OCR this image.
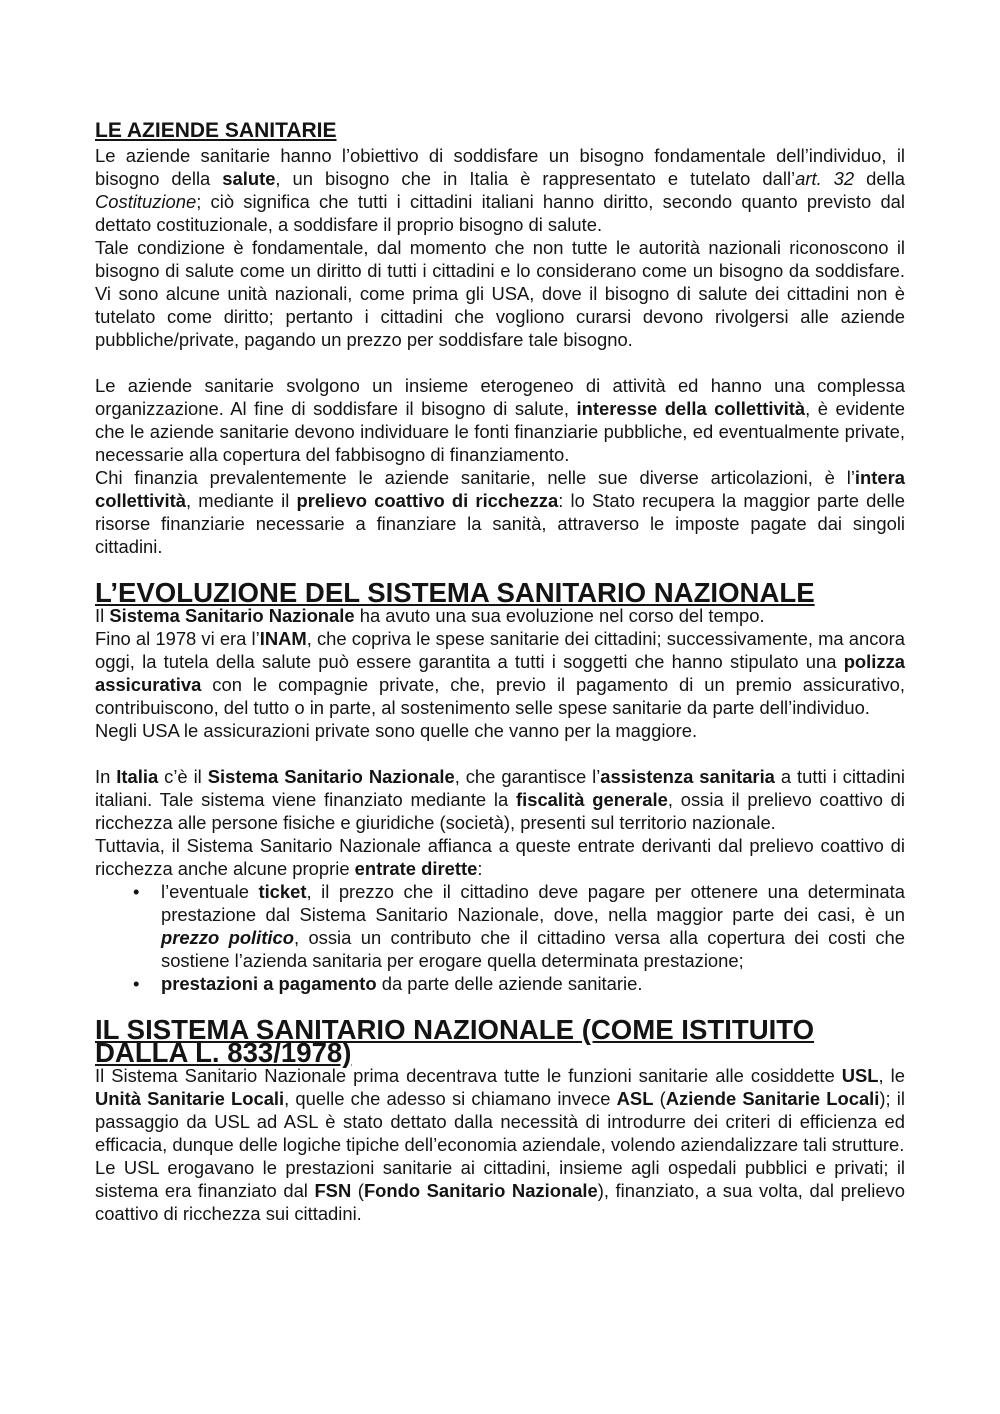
LE AZIENDE SANITARIE

Le aziende sanitarie hanno l’obiettivo di soddisfare un bisogno fondamentale dell’individuo, il bisogno della salute, un bisogno che in Italia è rappresentato e tutelato dall’art. 32 della Costituzione; ciò significa che tutti i cittadini italiani hanno diritto, secondo quanto previsto dal dettato costituzionale, a soddisfare il proprio bisogno di salute.

Tale condizione è fondamentale, dal momento che non tutte le autorità nazionali riconoscono il bisogno di salute come un diritto di tutti i cittadini e lo considerano come un bisogno da soddisfare. Vi sono alcune unità nazionali, come prima gli USA, dove il bisogno di salute dei cittadini non è tutelato come diritto; pertanto i cittadini che vogliono curarsi devono rivolgersi alle aziende pubbliche/private, pagando un prezzo per soddisfare tale bisogno.

Le aziende sanitarie svolgono un insieme eterogeneo di attività ed hanno una complessa organizzazione. Al fine di soddisfare il bisogno di salute, interesse della collettività, è evidente che le aziende sanitarie devono individuare le fonti finanziarie pubbliche, ed eventualmente private, necessarie alla copertura del fabbisogno di finanziamento.

Chi finanzia prevalentemente le aziende sanitarie, nelle sue diverse articolazioni, è l’intera collettività, mediante il prelievo coattivo di ricchezza: lo Stato recupera la maggior parte delle risorse finanziarie necessarie a finanziare la sanità, attraverso le imposte pagate dai singoli cittadini.

L’EVOLUZIONE DEL SISTEMA SANITARIO NAZIONALE

Il Sistema Sanitario Nazionale ha avuto una sua evoluzione nel corso del tempo.

Fino al 1978 vi era l’INAM, che copriva le spese sanitarie dei cittadini; successivamente, ma ancora oggi, la tutela della salute può essere garantita a tutti i soggetti che hanno stipulato una polizza assicurativa con le compagnie private, che, previo il pagamento di un premio assicurativo, contribuiscono, del tutto o in parte, al sostenimento selle spese sanitarie da parte dell’individuo.

Negli USA le assicurazioni private sono quelle che vanno per la maggiore.

In Italia c’è il Sistema Sanitario Nazionale, che garantisce l’assistenza sanitaria a tutti i cittadini italiani. Tale sistema viene finanziato mediante la fiscalità generale, ossia il prelievo coattivo di ricchezza alle persone fisiche e giuridiche (società), presenti sul territorio nazionale.

Tuttavia, il Sistema Sanitario Nazionale affianca a queste entrate derivanti dal prelievo coattivo di ricchezza anche alcune proprie entrate dirette:

• l’eventuale ticket, il prezzo che il cittadino deve pagare per ottenere una determinata prestazione dal Sistema Sanitario Nazionale, dove, nella maggior parte dei casi, è un prezzo politico, ossia un contributo che il cittadino versa alla copertura dei costi che sostiene l’azienda sanitaria per erogare quella determinata prestazione;
• prestazioni a pagamento da parte delle aziende sanitarie.
IL SISTEMA SANITARIO NAZIONALE (COME ISTITUITO DALLA L. 833/1978)

Il Sistema Sanitario Nazionale prima decentrava tutte le funzioni sanitarie alle cosiddette USL, le Unità Sanitarie Locali, quelle che adesso si chiamano invece ASL (Aziende Sanitarie Locali); il passaggio da USL ad ASL è stato dettato dalla necessità di introdurre dei criteri di efficienza ed efficacia, dunque delle logiche tipiche dell’economia aziendale, volendo aziendalizzare tali strutture.

Le USL erogavano le prestazioni sanitarie ai cittadini, insieme agli ospedali pubblici e privati; il sistema era finanziato dal FSN (Fondo Sanitario Nazionale), finanziato, a sua volta, dal prelievo coattivo di ricchezza sui cittadini.
